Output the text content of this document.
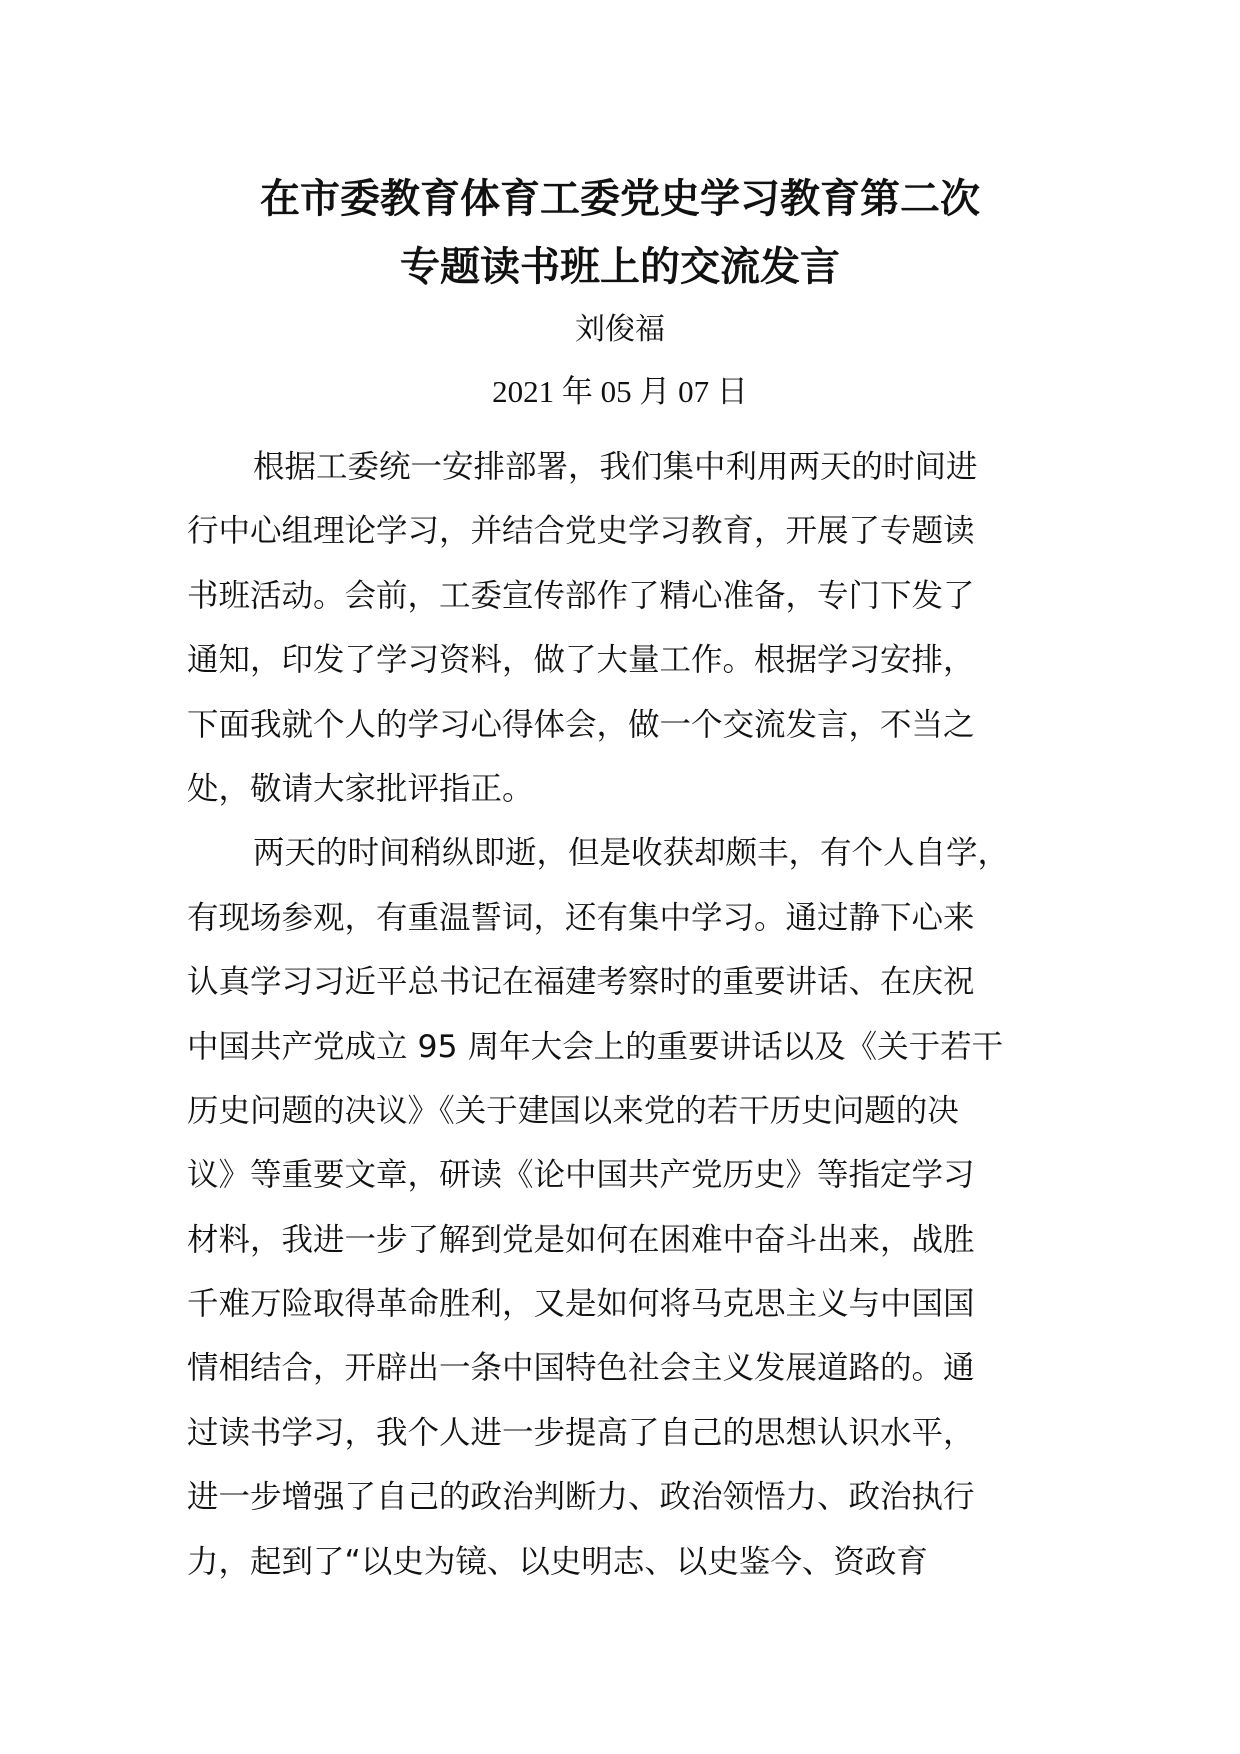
在市委教育体育工委党史学习教育第二次
专题读书班上的交流发言

刘俊福

2021 年 05 月 07 日

根据工委统一安排部署，我们集中利用两天的时间进
行中心组理论学习，并结合党史学习教育，开展了专题读
书班活动。会前，工委宣传部作了精心准备，专门下发了
通知，印发了学习资料，做了大量工作。根据学习安排，
下面我就个人的学习心得体会，做一个交流发言，不当之
处，敬请大家批评指正。
两天的时间稍纵即逝，但是收获却颇丰，有个人自学，
有现场参观，有重温誓词，还有集中学习。通过静下心来
认真学习习近平总书记在福建考察时的重要讲话、在庆祝
中国共产党成立 95 周年大会上的重要讲话以及《关于若干
历史问题的决议》《关于建国以来党的若干历史问题的决
议》等重要文章，研读《论中国共产党历史》等指定学习
材料，我进一步了解到党是如何在困难中奋斗出来，战胜
千难万险取得革命胜利，又是如何将马克思主义与中国国
情相结合，开辟出一条中国特色社会主义发展道路的。通
过读书学习，我个人进一步提高了自己的思想认识水平，
进一步增强了自己的政治判断力、政治领悟力、政治执行
力，起到了“以史为镜、以史明志、以史鉴今、资政育
